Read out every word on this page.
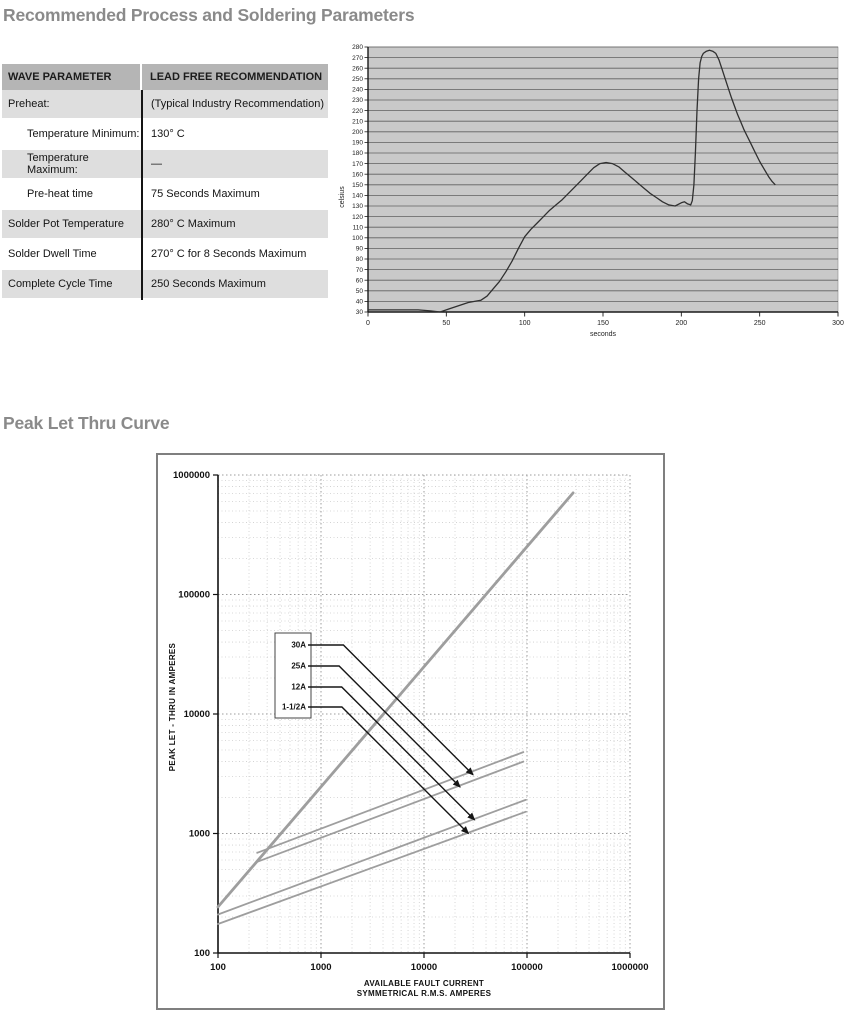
Recommended Process and Soldering Parameters
WAVE PARAMETER	LEAD FREE RECOMMENDATION
Preheat:	(Typical Industry Recommendation)
Temperature Minimum:	130° C
Temperature Maximum:	—
Pre-heat time	75 Seconds Maximum
Solder Pot Temperature	280° C Maximum
Solder Dwell Time	270° C for 8 Seconds Maximum
Complete Cycle Time	250 Seconds Maximum
30
40
50
60
70
80
90
100
110
120
130
140
150
160
170
180
190
200
210
220
230
240
250
260
270
280
0	50	100	150	200	250	300
seconds
celsius
Peak Let Thru Curve
100
1000
10000
100000
1000000
100	1000	10000	100000	1000000
30A
25A
12A
1-1/2A
PEAK LET - THRU IN AMPERES
AVAILABLE FAULT CURRENT
SYMMETRICAL R.M.S. AMPERES
